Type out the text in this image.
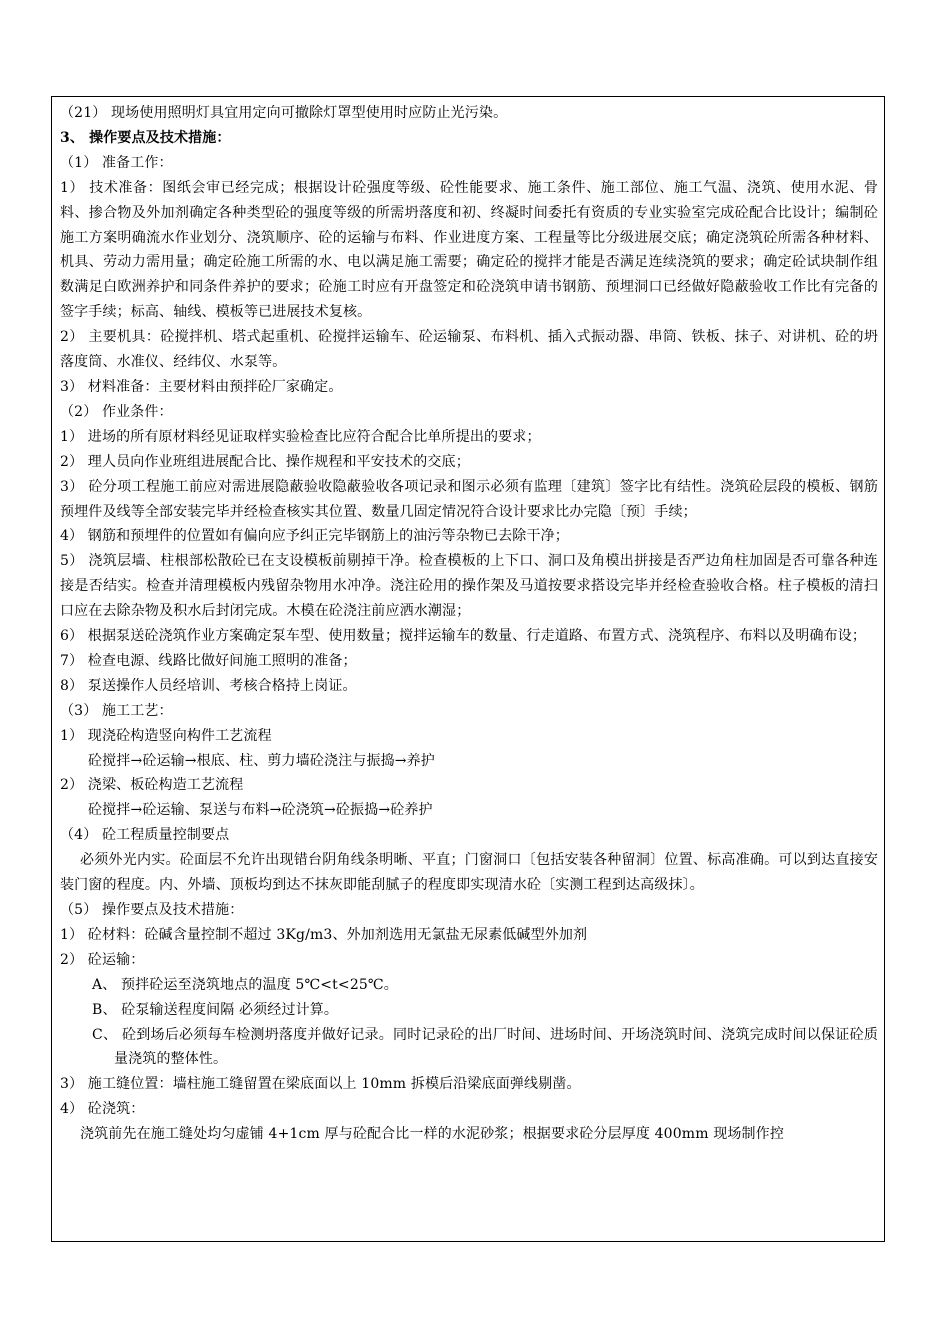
（21） 现场使用照明灯具宜用定向可撤除灯罩型使用时应防止光污染。
3、 操作要点及技术措施：
（1） 准备工作：
1） 技术准备：图纸会审已经完成；根据设计砼强度等级、砼性能要求、施工条件、施工部位、施工气温、浇筑、使用水泥、骨料、掺合物及外加剂确定各种类型砼的强度等级的所需坍落度和初、终凝时间委托有资质的专业实验室完成砼配合比设计；编制砼施工方案明确流水作业划分、浇筑顺序、砼的运输与布料、作业进度方案、工程量等比分级进展交底；确定浇筑砼所需各种材料、机具、劳动力需用量；确定砼施工所需的水、电以满足施工需要；确定砼的搅拌才能是否满足连续浇筑的要求；确定砼试块制作组数满足白欧洲养护和同条件养护的要求；砼施工时应有开盘签定和砼浇筑申请书钢筋、预埋洞口已经做好隐蔽验收工作比有完备的签字手续；标高、轴线、模板等已进展技术复核。
2） 主要机具：砼搅拌机、塔式起重机、砼搅拌运输车、砼运输泵、布料机、插入式振动器、串筒、铁板、抹子、对讲机、砼的坍落度筒、水准仪、经纬仪、水泵等。
3） 材料准备：主要材料由预拌砼厂家确定。
（2） 作业条件：
1） 进场的所有原材料经见证取样实验检查比应符合配合比单所提出的要求；
2） 理人员向作业班组进展配合比、操作规程和平安技术的交底；
3） 砼分项工程施工前应对需进展隐蔽验收隐蔽验收各项记录和图示必须有监理〔建筑〕签字比有结性。浇筑砼层段的模板、钢筋预埋件及线等全部安装完毕并经检查核实其位置、数量几固定情况符合设计要求比办完隐〔预〕手续；
4） 钢筋和预埋件的位置如有偏向应予纠正完毕钢筋上的油污等杂物已去除干净；
5） 浇筑层墙、柱根部松散砼已在支设模板前剔掉干净。检查模板的上下口、洞口及角模出拼接是否严边角柱加固是否可靠各种连接是否结实。检查并清理模板内残留杂物用水冲净。浇注砼用的操作架及马道按要求搭设完毕并经检查验收合格。柱子模板的清扫口应在去除杂物及积水后封闭完成。木模在砼浇注前应洒水潮湿；
6） 根据泵送砼浇筑作业方案确定泵车型、使用数量；搅拌运输车的数量、行走道路、布置方式、浇筑程序、布料以及明确布设；
7） 检查电源、线路比做好间施工照明的准备；
8） 泵送操作人员经培训、考核合格持上岗证。
（3） 施工工艺：
1） 现浇砼构造竖向构件工艺流程
砼搅拌→砼运输→根底、柱、剪力墙砼浇注与振捣→养护
2） 浇梁、板砼构造工艺流程
砼搅拌→砼运输、泵送与布料→砼浇筑→砼振捣→砼养护
（4） 砼工程质量控制要点
必须外光内实。砼面层不允许出现错台阴角线条明晰、平直；门窗洞口〔包括安装各种留洞〕位置、标高准确。可以到达直接安装门窗的程度。内、外墙、顶板均到达不抹灰即能刮腻子的程度即实现清水砼〔实测工程到达高级抹〕。
（5） 操作要点及技术措施：
1） 砼材料：砼碱含量控制不超过 3Kg/m3、外加剂选用无氯盐无尿素低碱型外加剂
2） 砼运输：
A、 预拌砼运至浇筑地点的温度 5℃<t<25℃。
B、 砼泵输送程度间隔 必须经过计算。
C、 砼到场后必须每车检测坍落度并做好记录。同时记录砼的出厂时间、进场时间、开场浇筑时间、浇筑完成时间以保证砼质量浇筑的整体性。
3） 施工缝位置：墙柱施工缝留置在梁底面以上 10mm 拆模后沿梁底面弹线剔凿。
4） 砼浇筑：
浇筑前先在施工缝处均匀虚铺 4+1cm 厚与砼配合比一样的水泥砂浆；根据要求砼分层厚度 400mm 现场制作控
